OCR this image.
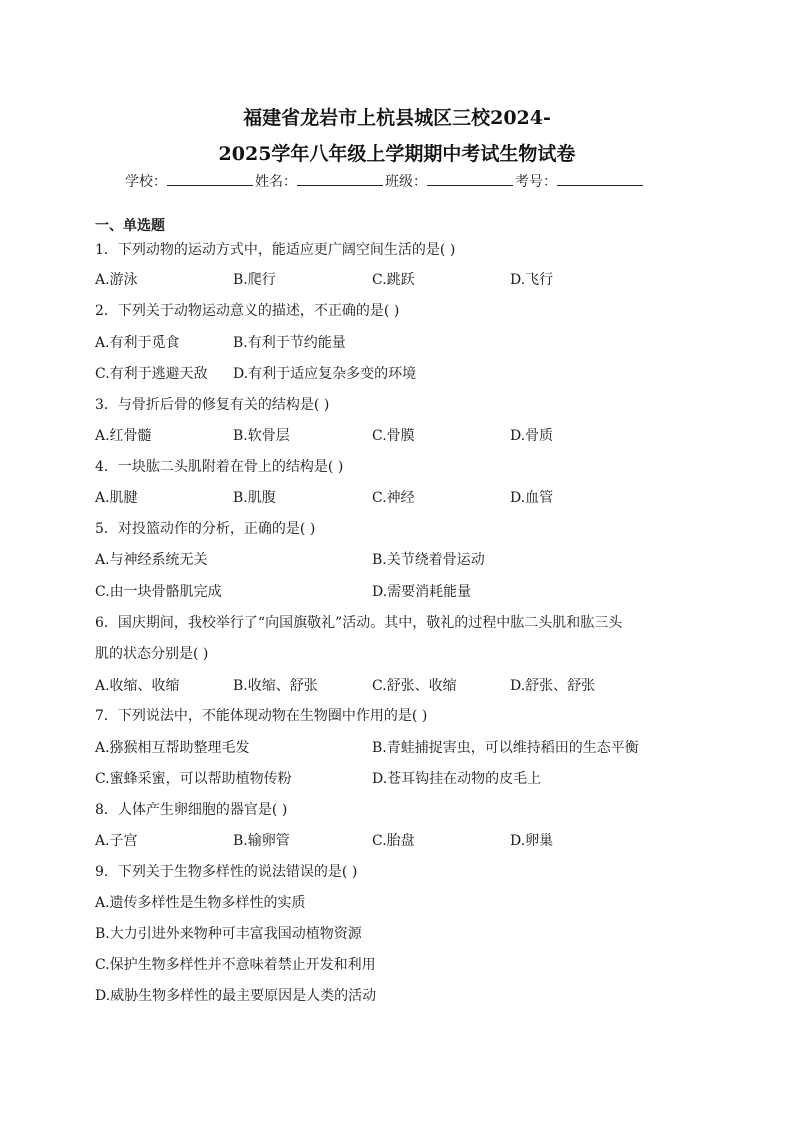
福建省龙岩市上杭县城区三校2024-
2025学年八年级上学期期中考试生物试卷
学校：	姓名：	班级：	考号：
一、单选题
1．下列动物的运动方式中，能适应更广阔空间生活的是( )
A.游泳	B.爬行	C.跳跃	D.飞行
2．下列关于动物运动意义的描述，不正确的是( )
A.有利于觅食	B.有利于节约能量
C.有利于逃避天敌 D.有利于适应复杂多变的环境
3．与骨折后骨的修复有关的结构是( )
A.红骨髓	B.软骨层	C.骨膜	D.骨质
4．一块肱二头肌附着在骨上的结构是( )
A.肌腱	B.肌腹	C.神经	D.血管
5．对投篮动作的分析，正确的是( )
A.与神经系统无关	B.关节绕着骨运动
C.由一块骨骼肌完成	D.需要消耗能量
6．国庆期间，我校举行了“向国旗敬礼”活动。其中，敬礼的过程中肱二头肌和肱三头
肌的状态分别是( )
A.收缩、收缩	B.收缩、舒张	C.舒张、收缩	D.舒张、舒张
7．下列说法中，不能体现动物在生物圈中作用的是( )
A.猕猴相互帮助整理毛发	B.青蛙捕捉害虫，可以维持稻田的生态平衡
C.蜜蜂采蜜，可以帮助植物传粉	D.苍耳钩挂在动物的皮毛上
8．人体产生卵细胞的器官是( )
A.子宫	B.输卵管	C.胎盘	D.卵巢
9．下列关于生物多样性的说法错误的是( )
A.遗传多样性是生物多样性的实质
B.大力引进外来物种可丰富我国动植物资源
C.保护生物多样性并不意味着禁止开发和利用
D.威胁生物多样性的最主要原因是人类的活动
